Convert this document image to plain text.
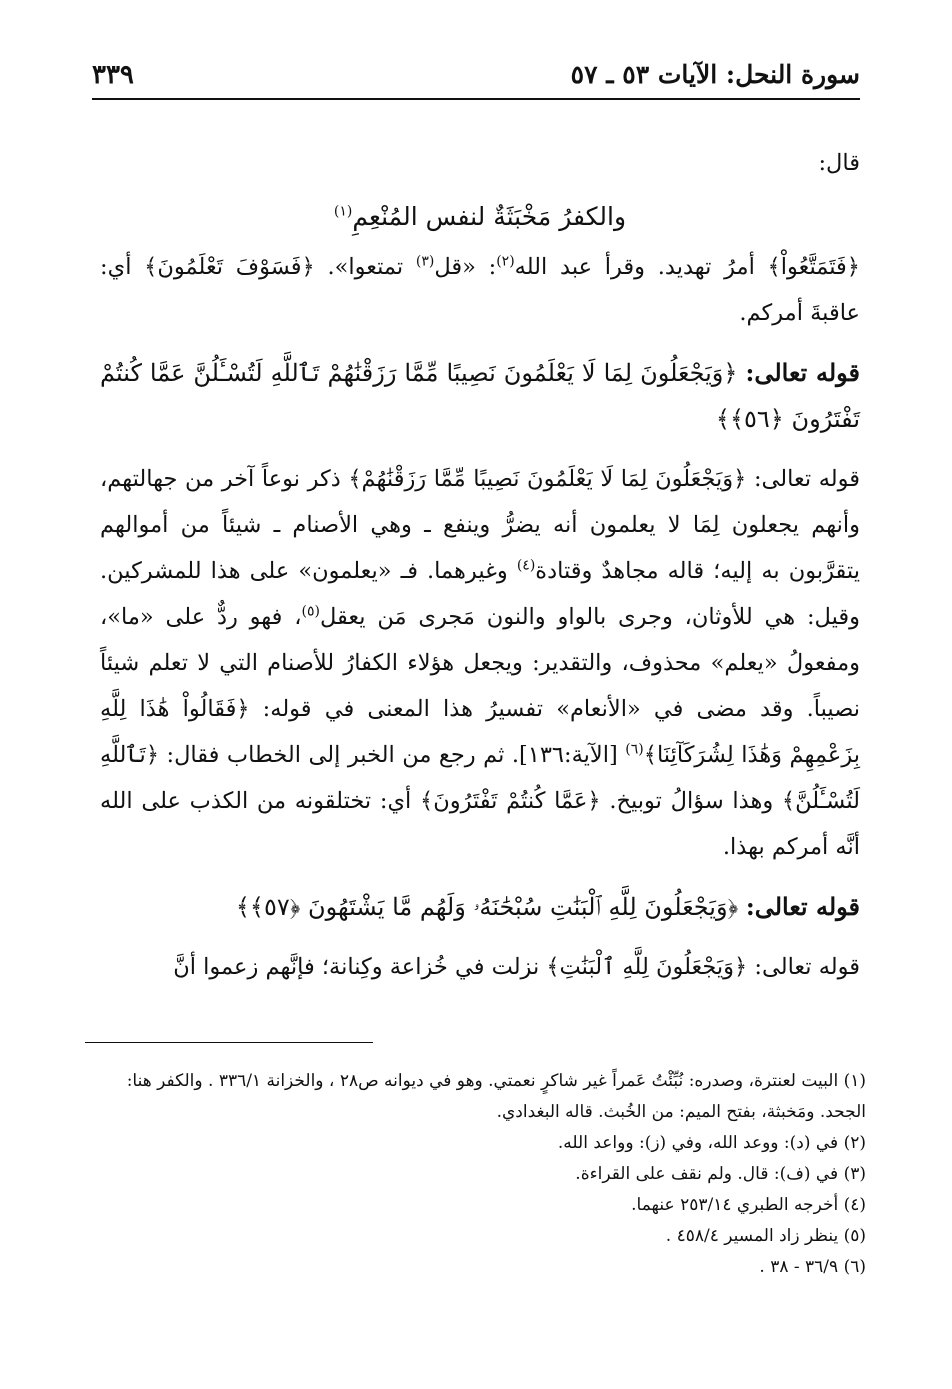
سورة النحل: الآيات ٥٣ ـ ٥٧
٣٣٩

قال:

والكفرُ مَخْبَثَةٌ لنفس المُنْعِمِ$^{(١)}$

﴿فَتَمَتَّعُواْ﴾ أمرُ تهديد. وقرأ عبد الله$^{(٢)}$: «قل$^{(٣)}$ تمتعوا». ﴿فَسَوْفَ تَعْلَمُونَ﴾ أي: عاقبةَ أمركم.

قوله تعالى: ﴿وَيَجْعَلُونَ لِمَا لَا يَعْلَمُونَ نَصِيبًا مِّمَّا رَزَقْنَٰهُمْ تَٱللَّهِ لَتُسْـَٔلُنَّ عَمَّا كُنتُمْ تَفْتَرُونَ ﴿٥٦﴾﴾

قوله تعالى: ﴿وَيَجْعَلُونَ لِمَا لَا يَعْلَمُونَ نَصِيبًا مِّمَّا رَزَقْنَٰهُمْ﴾ ذكر نوعاً آخر من جهالتهم، وأنهم يجعلون لِمَا لا يعلمون أنه يضرُّ وينفع ـ وهي الأصنام ـ شيئاً من أموالهم يتقرَّبون به إليه؛ قاله مجاهدٌ وقتادة$^{(٤)}$ وغيرهما. فـ «يعلمون» على هذا للمشركين. وقيل: هي للأوثان، وجرى بالواو والنون مَجرى مَن يعقل$^{(٥)}$، فهو ردٌّ على «ما»، ومفعولُ «يعلم» محذوف، والتقدير: ويجعل هؤلاء الكفارُ للأصنام التي لا تعلم شيئاً نصيباً. وقد مضى في «الأنعام» تفسيرُ هذا المعنى في قوله: ﴿فَقَالُواْ هَٰذَا لِلَّهِ بِزَعْمِهِمْ وَهَٰذَا لِشُرَكَآئِنَا﴾$^{(٦)}$ [الآية:١٣٦]. ثم رجع من الخبر إلى الخطاب فقال: ﴿تَٱللَّهِ لَتُسْـَٔلُنَّ﴾ وهذا سؤالُ توبيخ. ﴿عَمَّا كُنتُمْ تَفْتَرُونَ﴾ أي: تختلقونه من الكذب على الله أنَّه أمركم بهذا.

قوله تعالى: ﴿وَيَجْعَلُونَ لِلَّهِ ٱلْبَنَٰتِ سُبْحَٰنَهُۥ وَلَهُم مَّا يَشْتَهُونَ ﴿٥٧﴾﴾

قوله تعالى: ﴿وَيَجْعَلُونَ لِلَّهِ ٱلْبَنَٰتِ﴾ نزلت في خُزاعة وكِنانة؛ فإنَّهم زعموا أنَّ

(١) البيت لعنترة، وصدره: نُبِّئْتُ عَمراً غير شاكرٍ نعمتي. وهو في ديوانه ص٢٨ ، والخزانة ٣٣٦/١ . والكفر هنا: الجحد. ومَخبثة، بفتح الميم: من الخُبث. قاله البغدادي.

(٢) في (د): ووعد الله، وفي (ز): وواعد الله.

(٣) في (ف): قال. ولم نقف على القراءة.

(٤) أخرجه الطبري ٢٥٣/١٤ عنهما.

(٥) ينظر زاد المسير ٤٥٨/٤ .

(٦) ٣٦/٩ - ٣٨ .
